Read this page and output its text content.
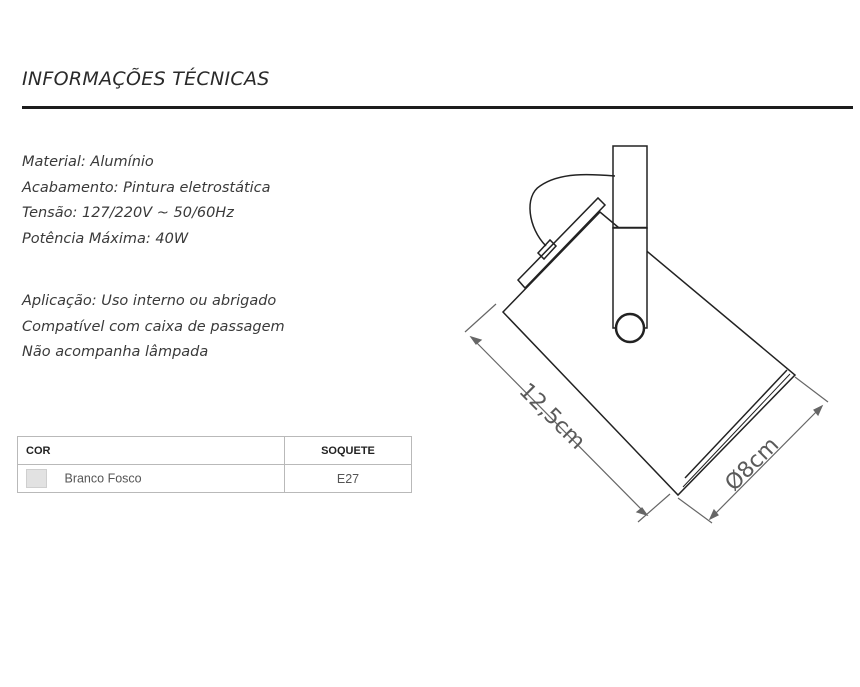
INFORMAÇÕES TÉCNICAS
Material: Alumínio
Acabamento: Pintura eletrostática
Tensão: 127/220V ~ 50/60Hz
Potência Máxima: 40W
Aplicação: Uso interno ou abrigado
Compatível com caixa de passagem
Não acompanha lâmpada
COR	SOQUETE
Branco Fosco	E27
12,5cm
Ø8cm
